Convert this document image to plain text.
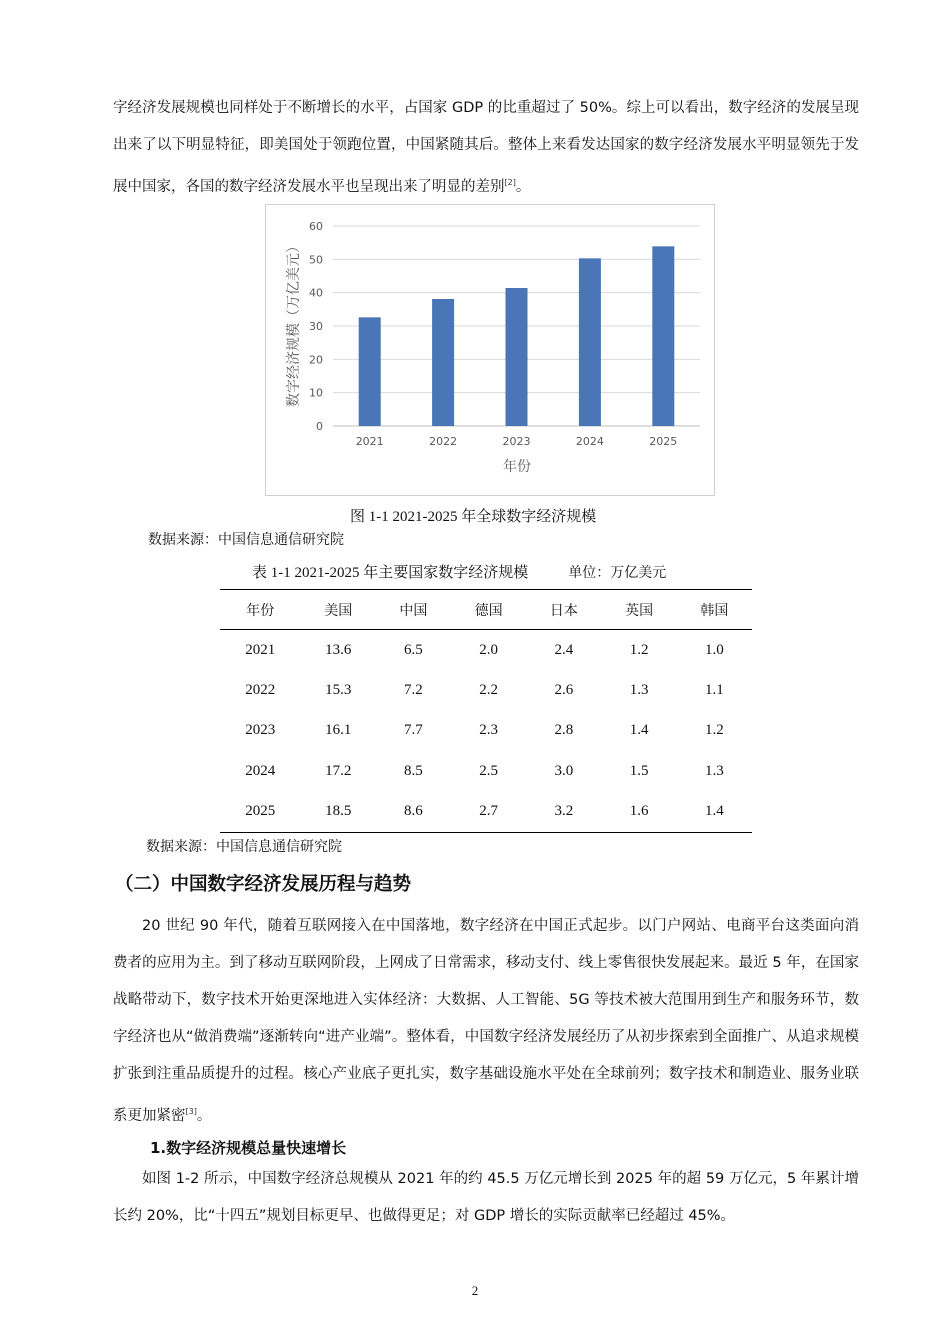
字经济发展规模也同样处于不断增长的水平，占国家 GDP 的比重超过了 50%。综上可以看出，数字经济的发展呈现出来了以下明显特征，即美国处于领跑位置，中国紧随其后。整体上来看发达国家的数字经济发展水平明显领先于发展中国家，各国的数字经济发展水平也呈现出来了明显的差别[2]。

0
10
20
30
40
50
60
2021	2022	2023	2024	2025
数字经济规模（万亿美元）
年份
图 1-1 2021-2025 年全球数字经济规模
数据来源：中国信息通信研究院
表 1-1 2021-2025 年主要国家数字经济规模	单位：万亿美元
年份	美国	中国	德国	日本	英国	韩国
2021	13.6	6.5	2.0	2.4	1.2	1.0
2022	15.3	7.2	2.2	2.6	1.3	1.1
2023	16.1	7.7	2.3	2.8	1.4	1.2
2024	17.2	8.5	2.5	3.0	1.5	1.3
2025	18.5	8.6	2.7	3.2	1.6	1.4
数据来源：中国信息通信研究院
（二）中国数字经济发展历程与趋势

20 世纪 90 年代，随着互联网接入在中国落地，数字经济在中国正式起步。以门户网站、电商平台这类面向消费者的应用为主。到了移动互联网阶段，上网成了日常需求，移动支付、线上零售很快发展起来。最近 5 年，在国家战略带动下，数字技术开始更深地进入实体经济：大数据、人工智能、5G 等技术被大范围用到生产和服务环节，数字经济也从“做消费端”逐渐转向“进产业端”。整体看，中国数字经济发展经历了从初步探索到全面推广、从追求规模扩张到注重品质提升的过程。核心产业底子更扎实，数字基础设施水平处在全球前列；数字技术和制造业、服务业联系更加紧密[3]。

1.数字经济规模总量快速增长

如图 1-2 所示，中国数字经济总规模从 2021 年的约 45.5 万亿元增长到 2025 年的超 59 万亿元，5 年累计增长约 20%，比“十四五”规划目标更早、也做得更足；对 GDP 增长的实际贡献率已经超过 45%。

2
